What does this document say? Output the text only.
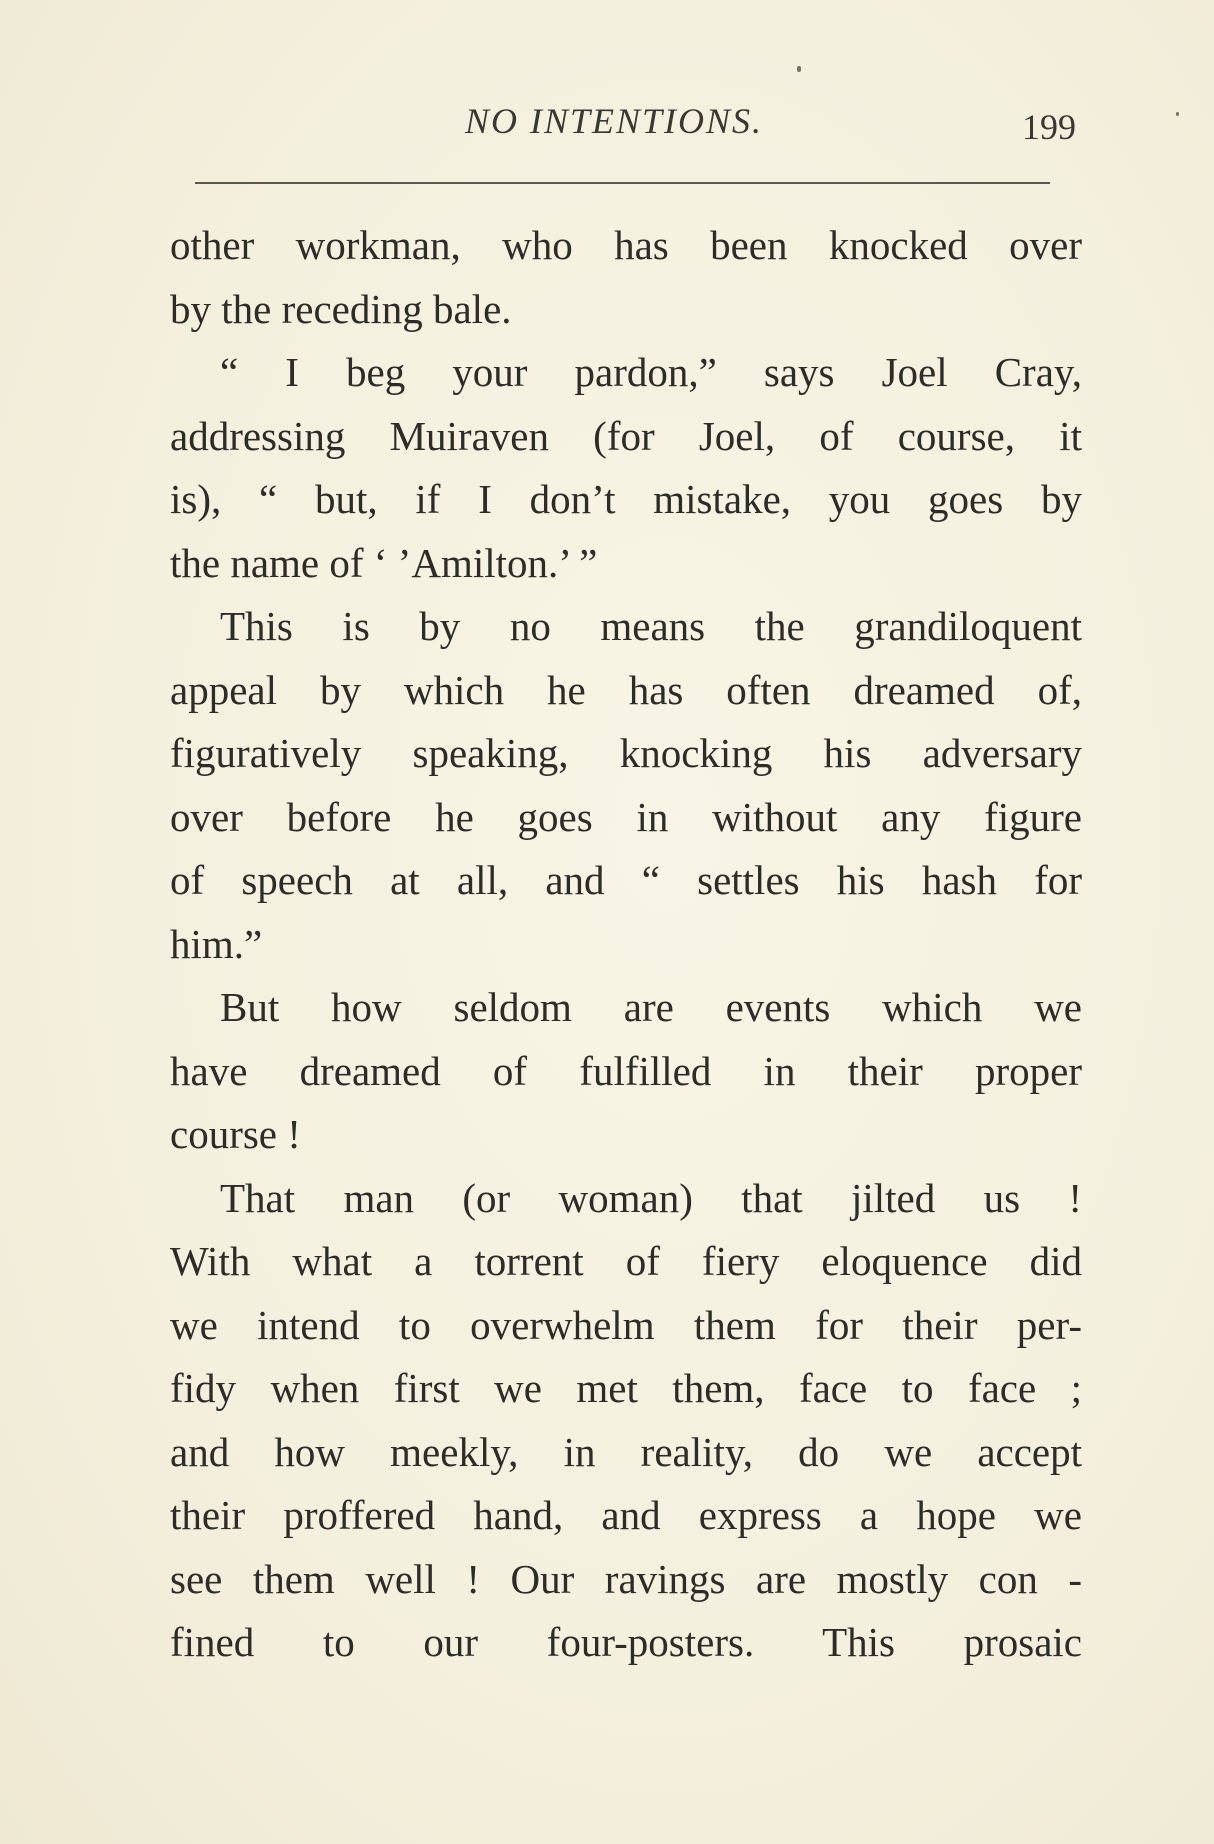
NO INTENTIONS.	199
other workman, who has been knocked over
by the receding bale.
“ I beg your pardon,” says Joel Cray,
addressing Muiraven (for Joel, of course, it
is), “ but, if I don’t mistake, you goes by
the name of ‘ ’Amilton.’ ”
This is by no means the grandiloquent
appeal by which he has often dreamed of,
figuratively speaking, knocking his adversary
over before he goes in without any figure
of speech at all, and “ settles his hash for
him.”
But how seldom are events which we
have dreamed of fulfilled in their proper
course !
That man (or woman) that jilted us !
With what a torrent of fiery eloquence did
we intend to overwhelm them for their per-
fidy when first we met them, face to face ;
and how meekly, in reality, do we accept
their proffered hand, and express a hope we
see them well ! Our ravings are mostly con -
fined to our four-posters. This prosaic
